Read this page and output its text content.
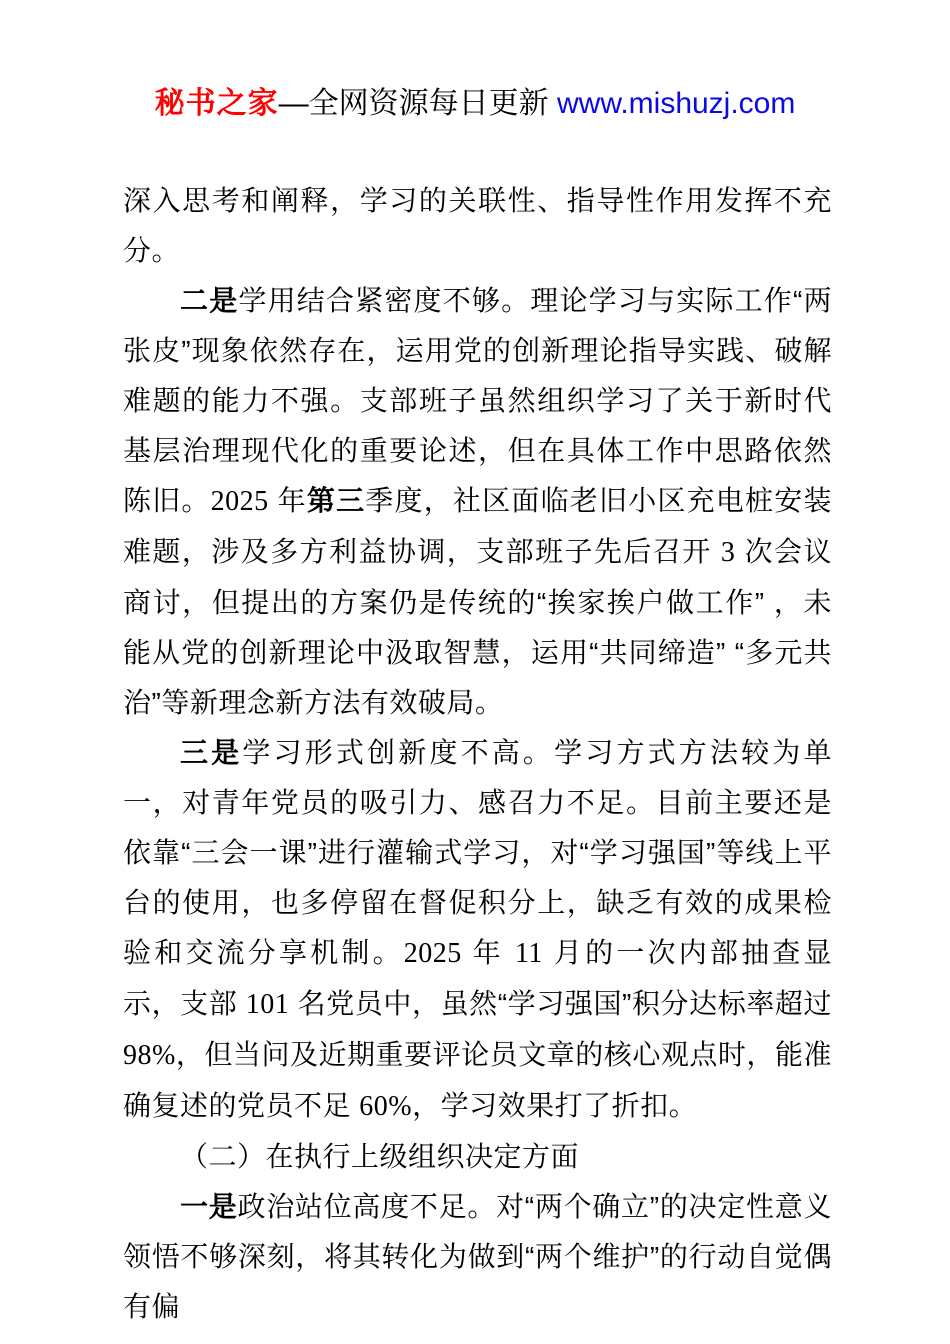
秘书之家—全网资源每日更新 www.mishuzj.com

深入思考和阐释，学习的关联性、指导性作用发挥不充分。

二是学用结合紧密度不够。理论学习与实际工作“两张皮”现象依然存在，运用党的创新理论指导实践、破解难题的能力不强。支部班子虽然组织学习了关于新时代基层治理现代化的重要论述，但在具体工作中思路依然陈旧。2025 年第三季度，社区面临老旧小区充电桩安装难题，涉及多方利益协调，支部班子先后召开 3 次会议商讨，但提出的方案仍是传统的“挨家挨户做工作” ，未能从党的创新理论中汲取智慧，运用“共同缔造” “多元共治”等新理念新方法有效破局。

三是学习形式创新度不高。学习方式方法较为单一，对青年党员的吸引力、感召力不足。目前主要还是依靠“三会一课”进行灌输式学习，对“学习强国”等线上平台的使用，也多停留在督促积分上，缺乏有效的成果检验和交流分享机制。2025 年 11 月的一次内部抽查显示，支部 101 名党员中，虽然“学习强国”积分达标率超过 98%，但当问及近期重要评论员文章的核心观点时，能准确复述的党员不足 60%，学习效果打了折扣。

（二）在执行上级组织决定方面

一是政治站位高度不足。对“两个确立”的决定性意义领悟不够深刻，将其转化为做到“两个维护”的行动自觉偶有偏
